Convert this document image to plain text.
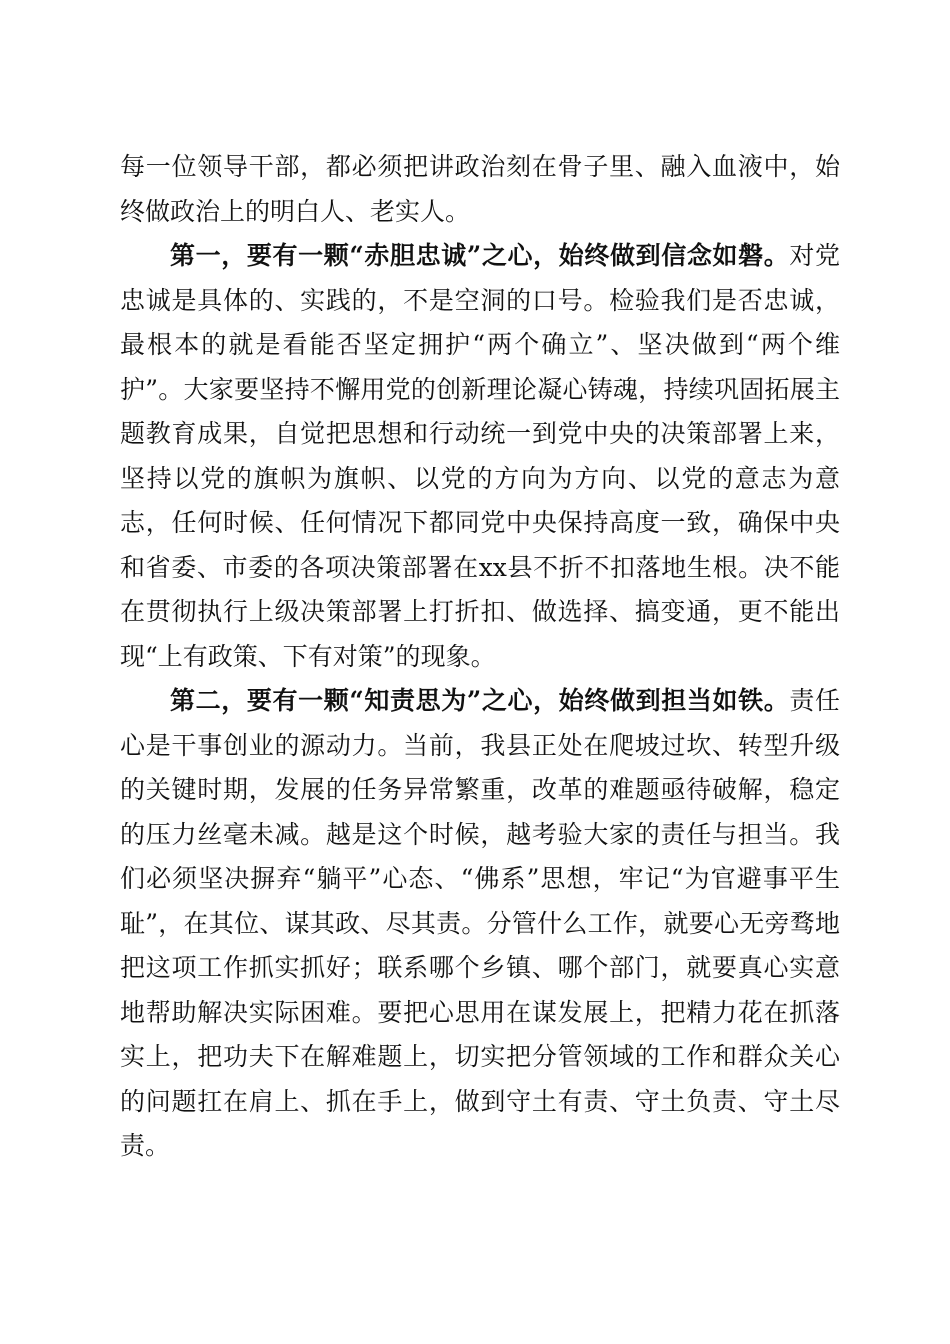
每一位领导干部，都必须把讲政治刻在骨子里、融入血液中，始终做政治上的明白人、老实人。

第一，要有一颗“赤胆忠诚”之心，始终做到信念如磐。对党忠诚是具体的、实践的，不是空洞的口号。检验我们是否忠诚，最根本的就是看能否坚定拥护“两个确立”、坚决做到“两个维护”。大家要坚持不懈用党的创新理论凝心铸魂，持续巩固拓展主题教育成果，自觉把思想和行动统一到党中央的决策部署上来，坚持以党的旗帜为旗帜、以党的方向为方向、以党的意志为意志，任何时候、任何情况下都同党中央保持高度一致，确保中央和省委、市委的各项决策部署在xx县不折不扣落地生根。决不能在贯彻执行上级决策部署上打折扣、做选择、搞变通，更不能出现“上有政策、下有对策”的现象。

第二，要有一颗“知责思为”之心，始终做到担当如铁。责任心是干事创业的源动力。当前，我县正处在爬坡过坎、转型升级的关键时期，发展的任务异常繁重，改革的难题亟待破解，稳定的压力丝毫未减。越是这个时候，越考验大家的责任与担当。我们必须坚决摒弃“躺平”心态、“佛系”思想，牢记“为官避事平生耻”，在其位、谋其政、尽其责。分管什么工作，就要心无旁骛地把这项工作抓实抓好；联系哪个乡镇、哪个部门，就要真心实意地帮助解决实际困难。要把心思用在谋发展上，把精力花在抓落实上，把功夫下在解难题上，切实把分管领域的工作和群众关心的问题扛在肩上、抓在手上，做到守土有责、守土负责、守土尽责。
